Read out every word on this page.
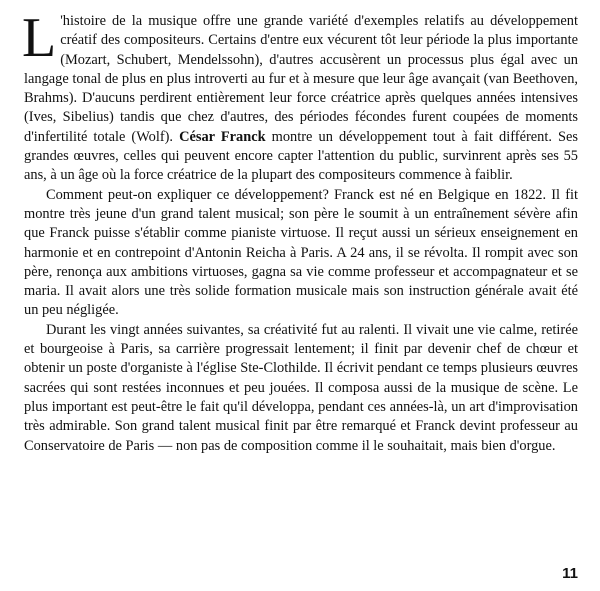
L 'histoire de la musique offre une grande variété d'exemples relatifs au développement créatif des compositeurs. Certains d'entre eux vécurent tôt leur période la plus importante (Mozart, Schubert, Mendelssohn), d'autres accusèrent un processus plus égal avec un langage tonal de plus en plus introverti au fur et à mesure que leur âge avançait (van Beethoven, Brahms). D'aucuns perdirent entièrement leur force créatrice après quelques années intensives (Ives, Sibelius) tandis que chez d'autres, des périodes fécondes furent coupées de moments d'infertilité totale (Wolf). César Franck montre un développement tout à fait différent. Ses grandes œuvres, celles qui peuvent encore capter l'attention du public, survinrent après ses 55 ans, à un âge où la force créatrice de la plupart des compositeurs commence à faiblir.

Comment peut-on expliquer ce développement? Franck est né en Belgique en 1822. Il fit montre très jeune d'un grand talent musical; son père le soumit à un entraînement sévère afin que Franck puisse s'établir comme pianiste virtuose. Il reçut aussi un sérieux enseignement en harmonie et en contrepoint d'Antonin Reicha à Paris. A 24 ans, il se révolta. Il rompit avec son père, renonça aux ambitions virtuoses, gagna sa vie comme professeur et accompagnateur et se maria. Il avait alors une très solide formation musicale mais son instruction générale avait été un peu négligée.

Durant les vingt années suivantes, sa créativité fut au ralenti. Il vivait une vie calme, retirée et bourgeoise à Paris, sa carrière progressait lentement; il finit par devenir chef de chœur et obtenir un poste d'organiste à l'église Ste-Clothilde. Il écrivit pendant ce temps plusieurs œuvres sacrées qui sont restées inconnues et peu jouées. Il composa aussi de la musique de scène. Le plus important est peut-être le fait qu'il développa, pendant ces années-là, un art d'improvisation très admirable. Son grand talent musical finit par être remarqué et Franck devint professeur au Conservatoire de Paris — non pas de composition comme il le souhaitait, mais bien d'orgue.

11
